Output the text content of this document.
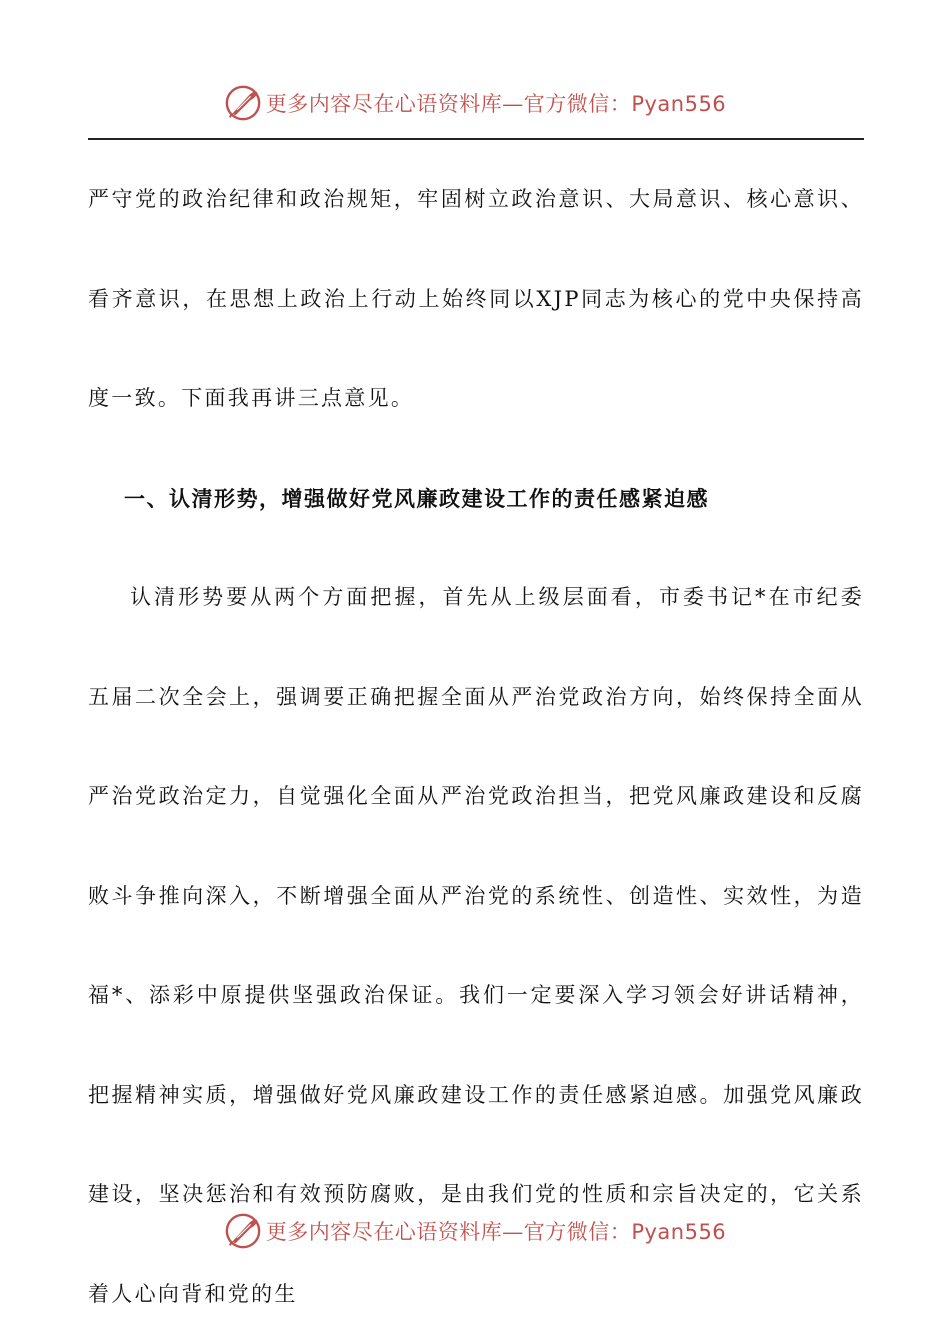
更多内容尽在心语资料库—官方微信：Pyan556

严守党的政治纪律和政治规矩，牢固树立政治意识、大局意识、核心意识、看齐意识，在思想上政治上行动上始终同以XJP同志为核心的党中央保持高度一致。下面我再讲三点意见。

一、认清形势，增强做好党风廉政建设工作的责任感紧迫感

认清形势要从两个方面把握，首先从上级层面看，市委书记*在市纪委五届二次全会上，强调要正确把握全面从严治党政治方向，始终保持全面从严治党政治定力，自觉强化全面从严治党政治担当，把党风廉政建设和反腐败斗争推向深入，不断增强全面从严治党的系统性、创造性、实效性，为造福*、添彩中原提供坚强政治保证。我们一定要深入学习领会好讲话精神，把握精神实质，增强做好党风廉政建设工作的责任感紧迫感。加强党风廉政建设，坚决惩治和有效预防腐败，是由我们党的性质和宗旨决定的，它关系着人心向背和党的生

更多内容尽在心语资料库—官方微信：Pyan556
